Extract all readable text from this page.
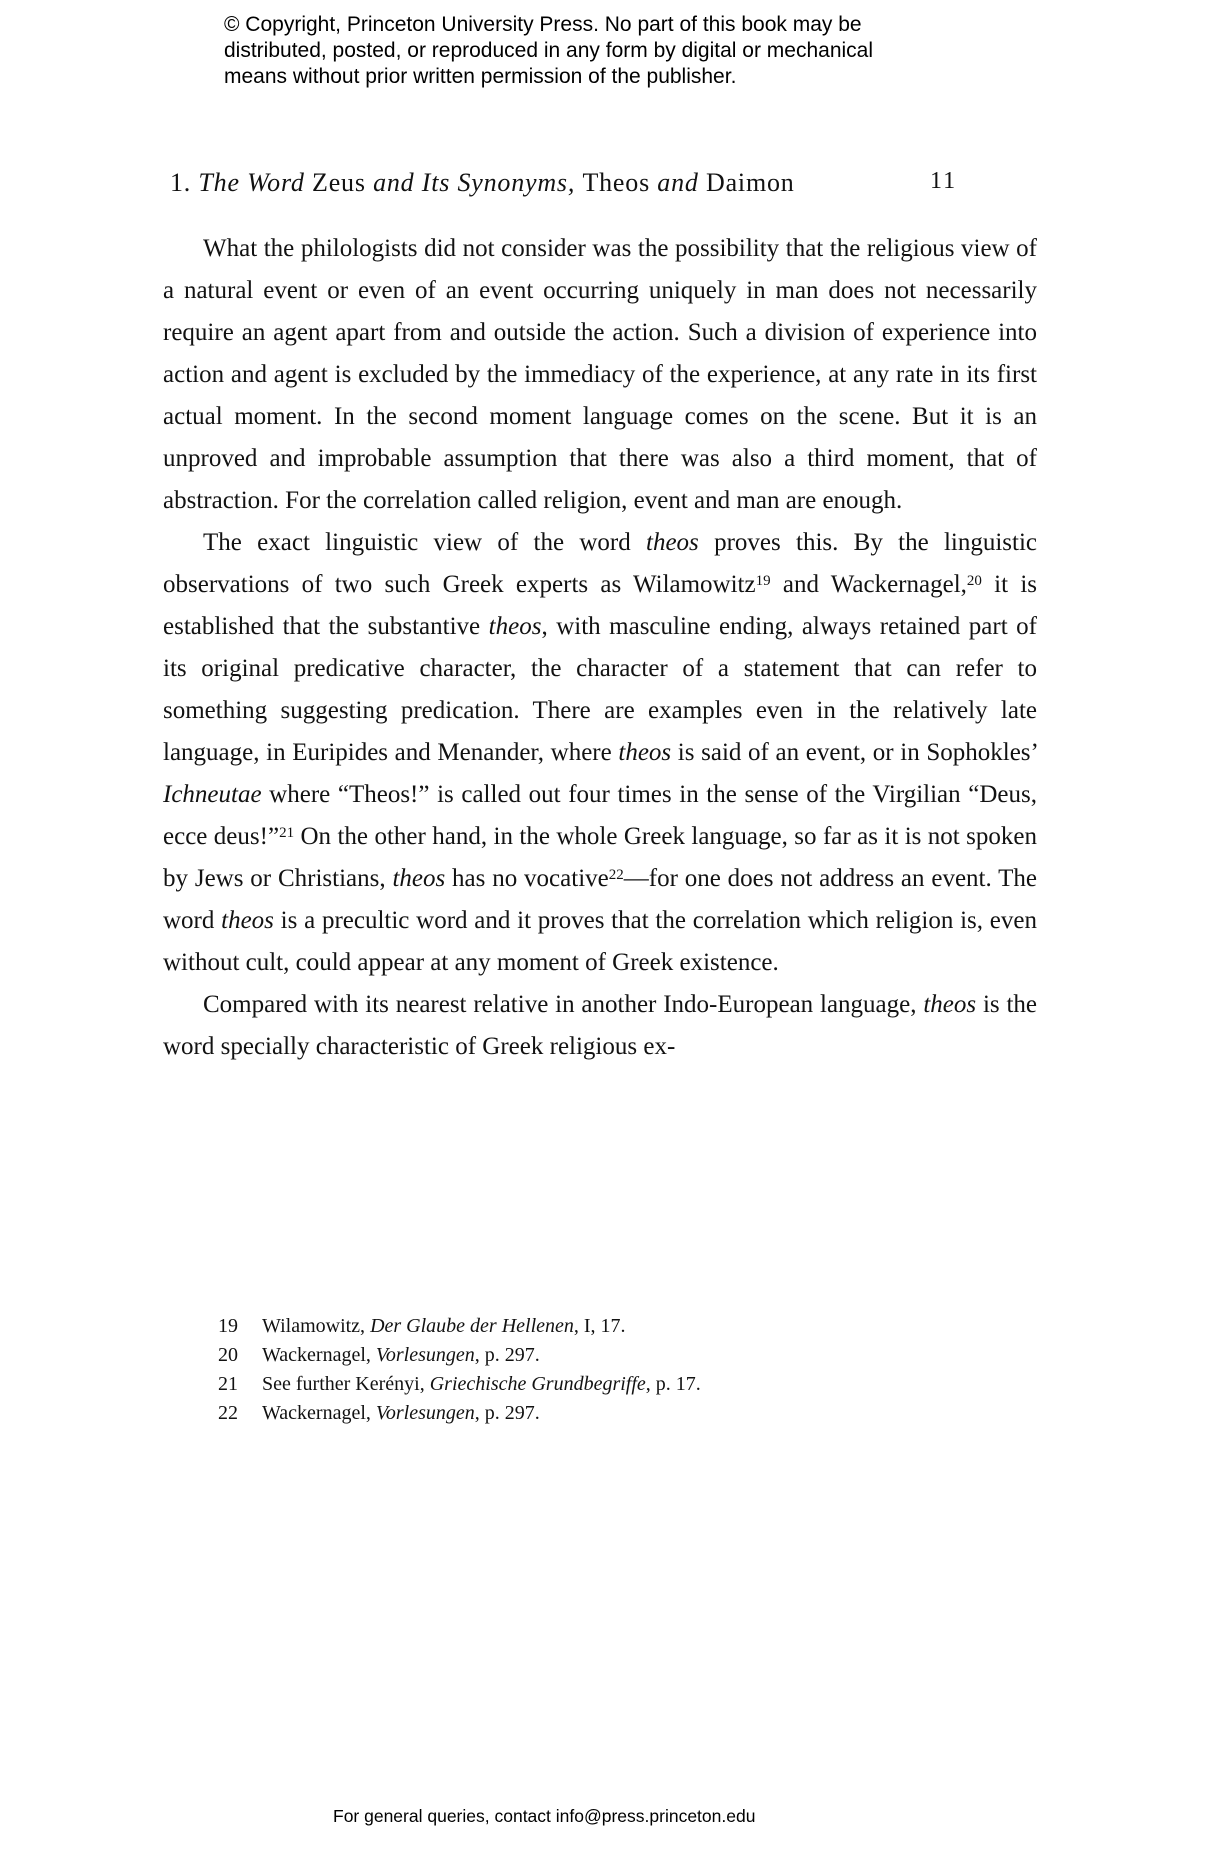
© Copyright, Princeton University Press. No part of this book may be
distributed, posted, or reproduced in any form by digital or mechanical
means without prior written permission of the publisher.
1. The Word Zeus and Its Synonyms, Theos and Daimon	11

What the philologists did not consider was the possibility that the religious view of a natural event or even of an event occurring uniquely in man does not necessarily require an agent apart from and outside the action. Such a division of experience into action and agent is excluded by the immediacy of the experience, at any rate in its first actual moment. In the second moment language comes on the scene. But it is an unproved and improbable assumption that there was also a third moment, that of abstraction. For the correlation called religion, event and man are enough.

The exact linguistic view of the word theos proves this. By the linguistic observations of two such Greek experts as Wilamowitz$^{19}$ and Wackernagel,$^{20}$ it is established that the substantive theos, with masculine ending, always retained part of its original predicative character, the character of a statement that can refer to something suggesting predication. There are examples even in the relatively late language, in Euripides and Menander, where theos is said of an event, or in Sophokles’ Ichneutae where “Theos!” is called out four times in the sense of the Virgilian “Deus, ecce deus!”$^{21}$ On the other hand, in the whole Greek language, so far as it is not spoken by Jews or Christians, theos has no vocative$^{22}$—for one does not address an event. The word theos is a precultic word and it proves that the correlation which religion is, even without cult, could appear at any moment of Greek existence.

Compared with its nearest relative in another Indo-European language, theos is the word specially characteristic of Greek religious ex-

19	Wilamowitz, Der Glaube der Hellenen, I, 17.
20	Wackernagel, Vorlesungen, p. 297.
21	See further Kerényi, Griechische Grundbegriffe, p. 17.
22	Wackernagel, Vorlesungen, p. 297.
For general queries, contact info@press.princeton.edu
